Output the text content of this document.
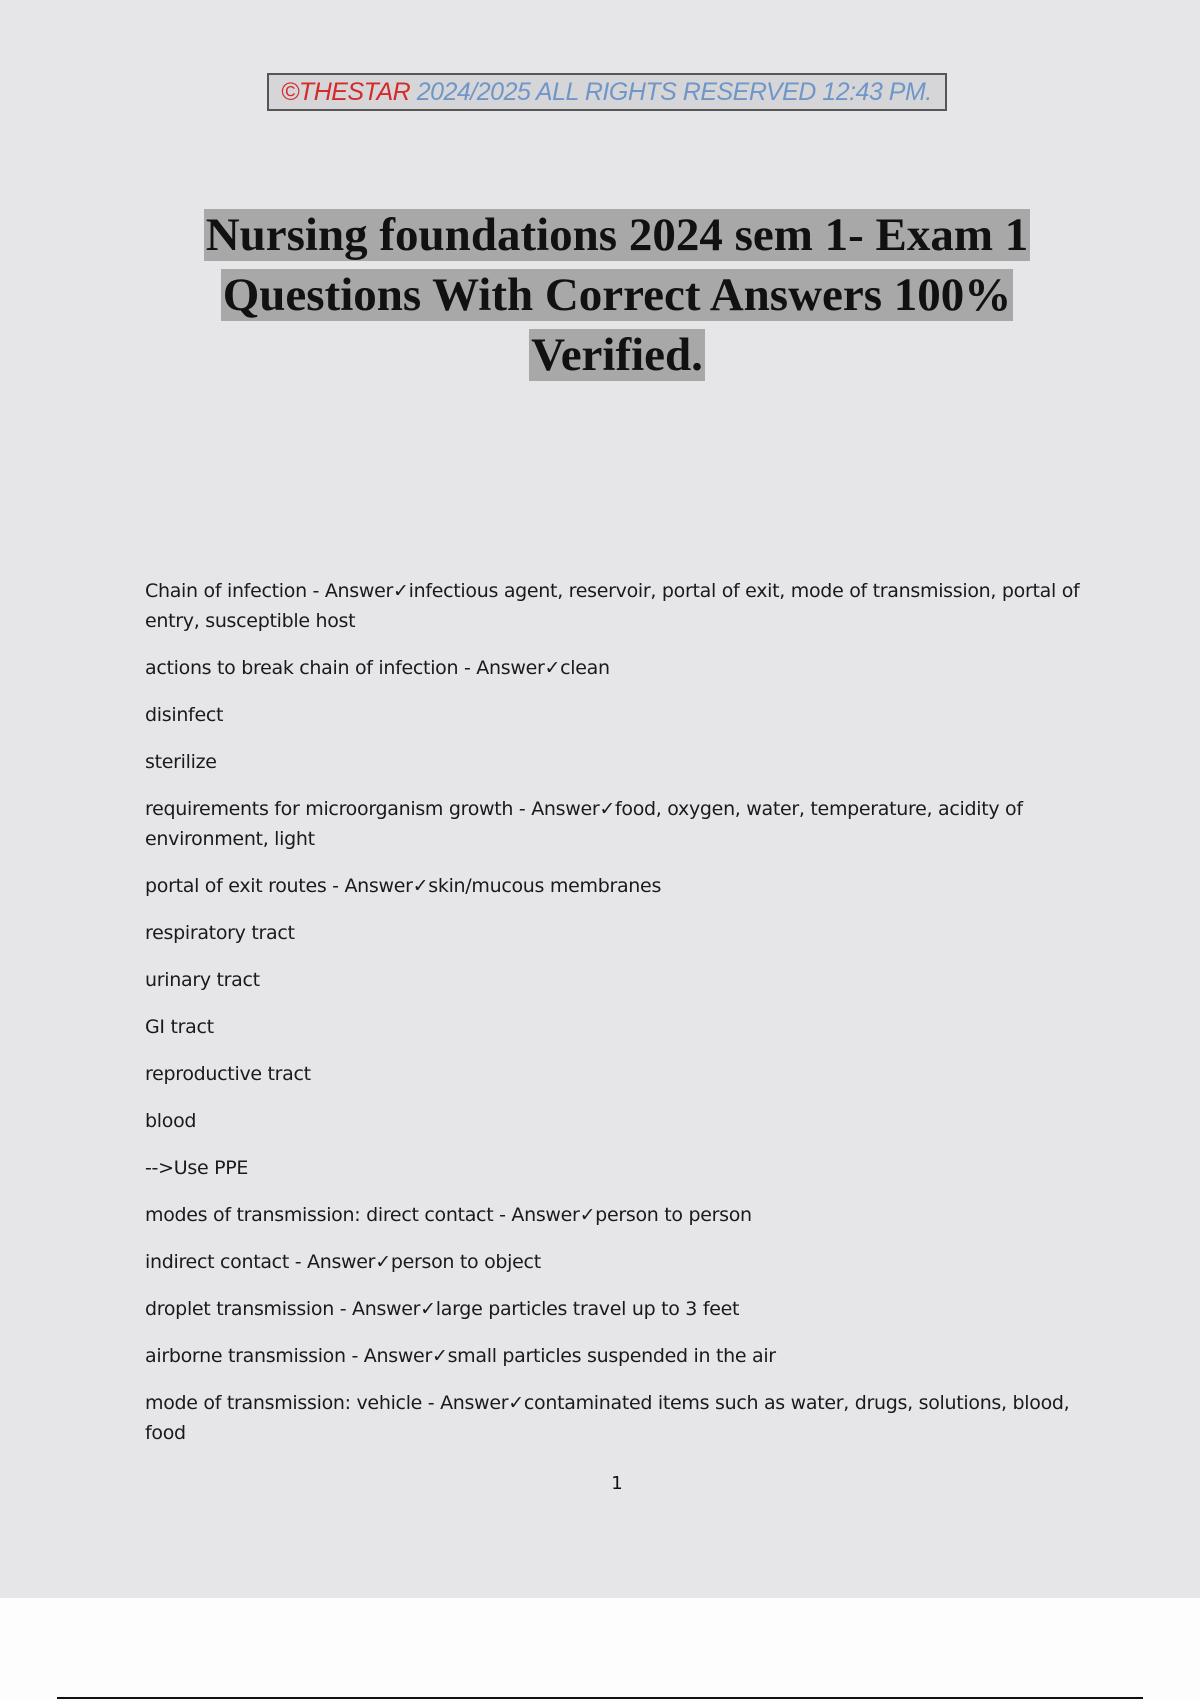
©THESTAR 2024/2025 ALL RIGHTS RESERVED 12:43 PM.
Nursing foundations 2024 sem 1- Exam 1
Questions With Correct Answers 100%
Verified.

Chain of infection - Answer✓infectious agent, reservoir, portal of exit, mode of transmission, portal of entry, susceptible host

actions to break chain of infection - Answer✓clean

disinfect

sterilize

requirements for microorganism growth - Answer✓food, oxygen, water, temperature, acidity of environment, light

portal of exit routes - Answer✓skin/mucous membranes

respiratory tract

urinary tract

GI tract

reproductive tract

blood

-->Use PPE

modes of transmission: direct contact - Answer✓person to person

indirect contact - Answer✓person to object

droplet transmission - Answer✓large particles travel up to 3 feet

airborne transmission - Answer✓small particles suspended in the air

mode of transmission: vehicle - Answer✓contaminated items such as water, drugs, solutions, blood, food

1
